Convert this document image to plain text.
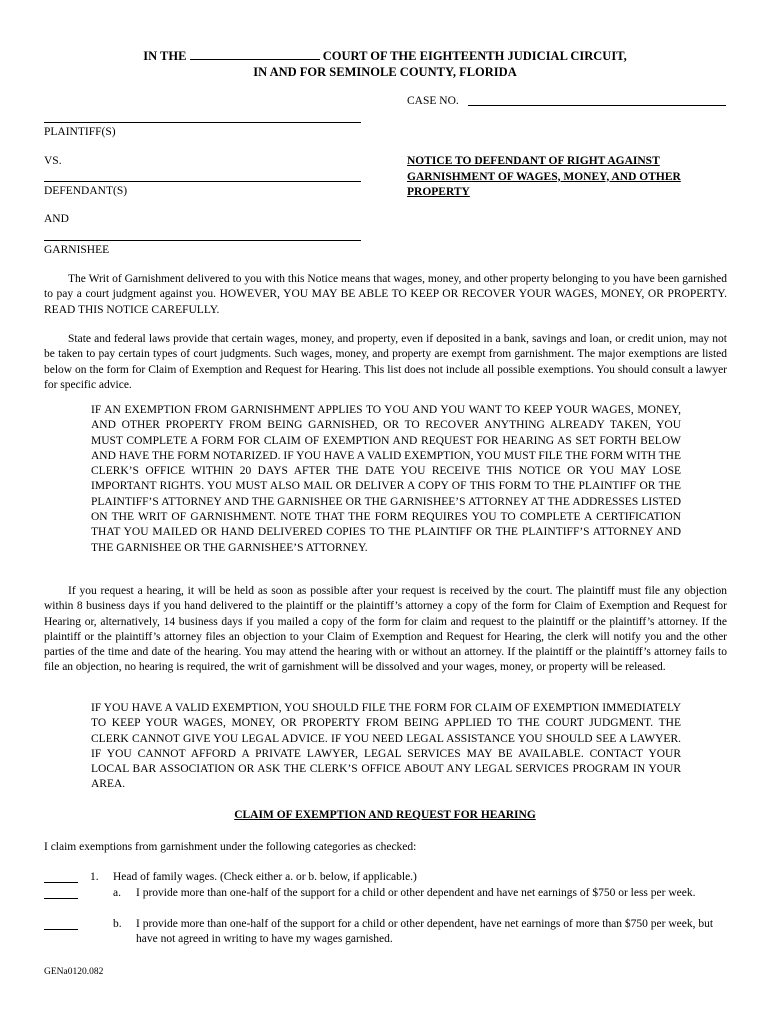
IN THE	COURT OF THE EIGHTEENTH JUDICIAL CIRCUIT,
IN AND FOR SEMINOLE COUNTY, FLORIDA
CASE NO.
PLAINTIFF(S)
VS.
DEFENDANT(S)
AND
GARNISHEE
NOTICE TO DEFENDANT OF RIGHT AGAINST GARNISHMENT OF WAGES, MONEY, AND OTHER PROPERTY

The Writ of Garnishment delivered to you with this Notice means that wages, money, and other property belonging to you have been garnished to pay a court judgment against you. HOWEVER, YOU MAY BE ABLE TO KEEP OR RECOVER YOUR WAGES, MONEY, OR PROPERTY. READ THIS NOTICE CAREFULLY.

State and federal laws provide that certain wages, money, and property, even if deposited in a bank, savings and loan, or credit union, may not be taken to pay certain types of court judgments. Such wages, money, and property are exempt from garnishment. The major exemptions are listed below on the form for Claim of Exemption and Request for Hearing. This list does not include all possible exemptions. You should consult a lawyer for specific advice.

IF AN EXEMPTION FROM GARNISHMENT APPLIES TO YOU AND YOU WANT TO KEEP YOUR WAGES, MONEY, AND OTHER PROPERTY FROM BEING GARNISHED, OR TO RECOVER ANYTHING ALREADY TAKEN, YOU MUST COMPLETE A FORM FOR CLAIM OF EXEMPTION AND REQUEST FOR HEARING AS SET FORTH BELOW AND HAVE THE FORM NOTARIZED. IF YOU HAVE A VALID EXEMPTION, YOU MUST FILE THE FORM WITH THE CLERK’S OFFICE WITHIN 20 DAYS AFTER THE DATE YOU RECEIVE THIS NOTICE OR YOU MAY LOSE IMPORTANT RIGHTS. YOU MUST ALSO MAIL OR DELIVER A COPY OF THIS FORM TO THE PLAINTIFF OR THE PLAINTIFF’S ATTORNEY AND THE GARNISHEE OR THE GARNISHEE’S ATTORNEY AT THE ADDRESSES LISTED ON THE WRIT OF GARNISHMENT. NOTE THAT THE FORM REQUIRES YOU TO COMPLETE A CERTIFICATION THAT YOU MAILED OR HAND DELIVERED COPIES TO THE PLAINTIFF OR THE PLAINTIFF’S ATTORNEY AND THE GARNISHEE OR THE GARNISHEE’S ATTORNEY.

If you request a hearing, it will be held as soon as possible after your request is received by the court. The plaintiff must file any objection within 8 business days if you hand delivered to the plaintiff or the plaintiff’s attorney a copy of the form for Claim of Exemption and Request for Hearing or, alternatively, 14 business days if you mailed a copy of the form for claim and request to the plaintiff or the plaintiff’s attorney. If the plaintiff or the plaintiff’s attorney files an objection to your Claim of Exemption and Request for Hearing, the clerk will notify you and the other parties of the time and date of the hearing. You may attend the hearing with or without an attorney. If the plaintiff or the plaintiff’s attorney fails to file an objection, no hearing is required, the writ of garnishment will be dissolved and your wages, money, or property will be released.

IF YOU HAVE A VALID EXEMPTION, YOU SHOULD FILE THE FORM FOR CLAIM OF EXEMPTION IMMEDIATELY TO KEEP YOUR WAGES, MONEY, OR PROPERTY FROM BEING APPLIED TO THE COURT JUDGMENT. THE CLERK CANNOT GIVE YOU LEGAL ADVICE. IF YOU NEED LEGAL ASSISTANCE YOU SHOULD SEE A LAWYER. IF YOU CANNOT AFFORD A PRIVATE LAWYER, LEGAL SERVICES MAY BE AVAILABLE. CONTACT YOUR LOCAL BAR ASSOCIATION OR ASK THE CLERK’S OFFICE ABOUT ANY LEGAL SERVICES PROGRAM IN YOUR AREA.

CLAIM OF EXEMPTION AND REQUEST FOR HEARING
I claim exemptions from garnishment under the following categories as checked:
1. Head of family wages. (Check either a. or b. below, if applicable.)
a. I provide more than one-half of the support for a child or other dependent and have net earnings of $750 or less per week.
b. I provide more than one-half of the support for a child or other dependent, have net earnings of more than $750 per week, but have not agreed in writing to have my wages garnished.
GENa0120.082
